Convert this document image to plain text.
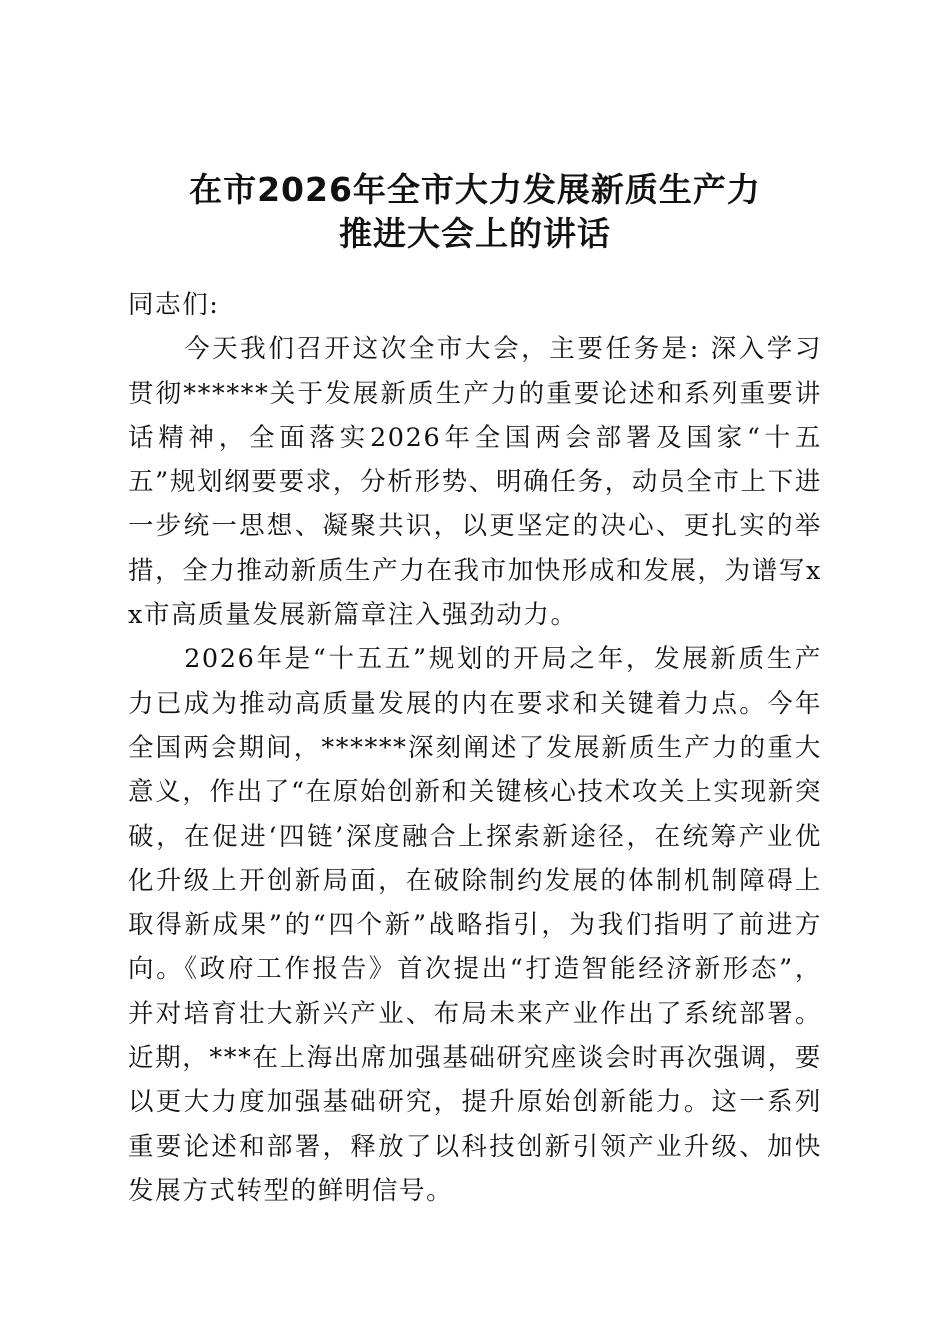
在市2026年全市大力发展新质生产力
推进大会上的讲话

同志们:

今天我们召开这次全市大会，主要任务是: 深入学习贯彻******关于发展新质生产力的重要论述和系列重要讲话精神，全面落实2026年全国两会部署及国家“十五五”规划纲要要求，分析形势、明确任务，动员全市上下进一步统一思想、凝聚共识，以更坚定的决心、更扎实的举措，全力推动新质生产力在我市加快形成和发展，为谱写xx市高质量发展新篇章注入强劲动力。

2026年是“十五五”规划的开局之年，发展新质生产力已成为推动高质量发展的内在要求和关键着力点。今年全国两会期间，******深刻阐述了发展新质生产力的重大意义，作出了“在原始创新和关键核心技术攻关上实现新突破，在促进‘四链’深度融合上探索新途径，在统筹产业优化升级上开创新局面，在破除制约发展的体制机制障碍上取得新成果”的“四个新”战略指引，为我们指明了前进方向。《政府工作报告》首次提出“打造智能经济新形态”，并对培育壮大新兴产业、布局未来产业作出了系统部署。近期，***在上海出席加强基础研究座谈会时再次强调，要以更大力度加强基础研究，提升原始创新能力。这一系列重要论述和部署，释放了以科技创新引领产业升级、加快发展方式转型的鲜明信号。
